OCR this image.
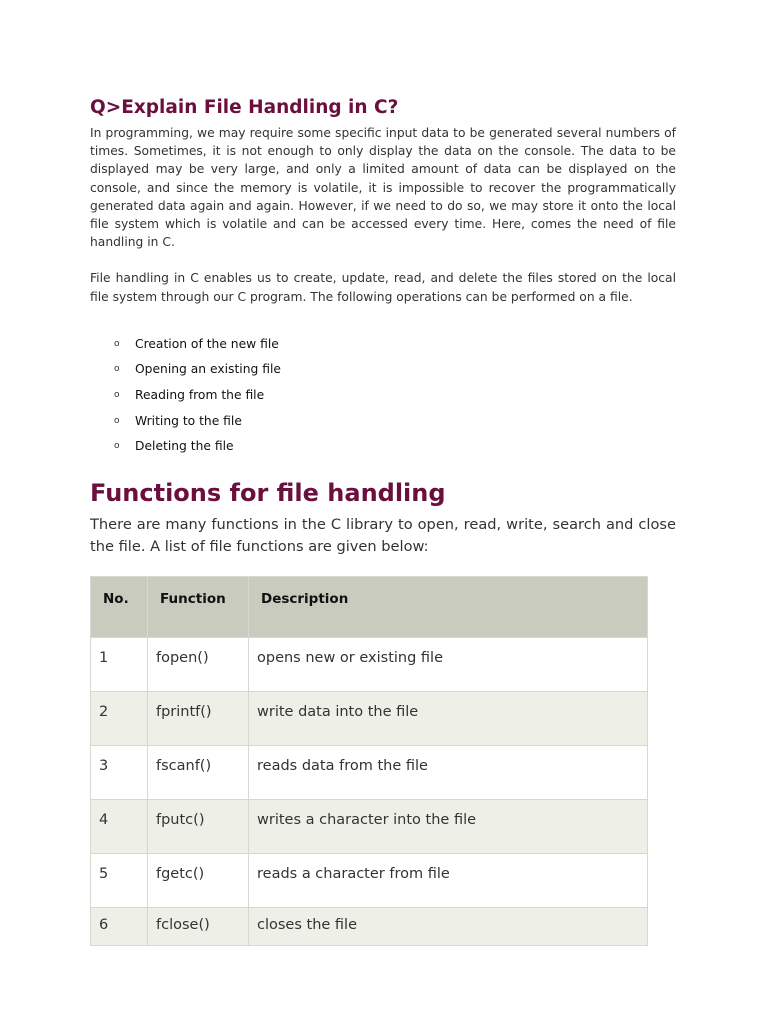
Q>Explain File Handling in C?

In programming, we may require some specific input data to be generated several numbers of times. Sometimes, it is not enough to only display the data on the console. The data to be displayed may be very large, and only a limited amount of data can be displayed on the console, and since the memory is volatile, it is impossible to recover the programmatically generated data again and again. However, if we need to do so, we may store it onto the local file system which is volatile and can be accessed every time. Here, comes the need of file handling in C.

File handling in C enables us to create, update, read, and delete the files stored on the local file system through our C program. The following operations can be performed on a file.

o Creation of the new file
o Opening an existing file
o Reading from the file
o Writing to the file
o Deleting the file
Functions for file handling

There are many functions in the C library to open, read, write, search and close the file. A list of file functions are given below:

No.	Function	Description
1	fopen()	opens new or existing file
2	fprintf()	write data into the file
3	fscanf()	reads data from the file
4	fputc()	writes a character into the file
5	fgetc()	reads a character from file
6	fclose()	closes the file
